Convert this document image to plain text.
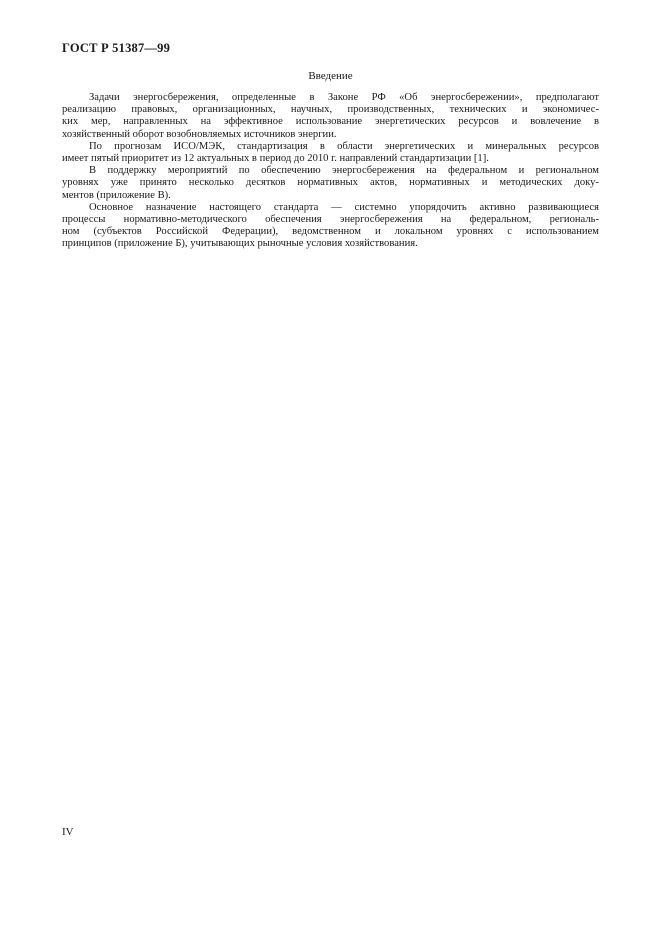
ГОСТ Р 51387—99
Введение

Задачи энергосбережения, определенные в Законе РФ «Об энергосбережении», предполагают
реализацию правовых, организационных, научных, производственных, технических и экономичес-
ких мер, направленных на эффективное использование энергетических ресурсов и вовлечение в
хозяйственный оборот возобновляемых источников энергии.

По прогнозам ИСО/МЭК, стандартизация в области энергетических и минеральных ресурсов
имеет пятый приоритет из 12 актуальных в период до 2010 г. направлений стандартизации [1].

В поддержку мероприятий по обеспечению энергосбережения на федеральном и региональном
уровнях уже принято несколько десятков нормативных актов, нормативных и методических доку-
ментов (приложение В).

Основное назначение настоящего стандарта — системно упорядочить активно развивающиеся
процессы нормативно-методического обеспечения энергосбережения на федеральном, региональ-
ном (субъектов Российской Федерации), ведомственном и локальном уровнях с использованием
принципов (приложение Б), учитывающих рыночные условия хозяйствования.

IV
